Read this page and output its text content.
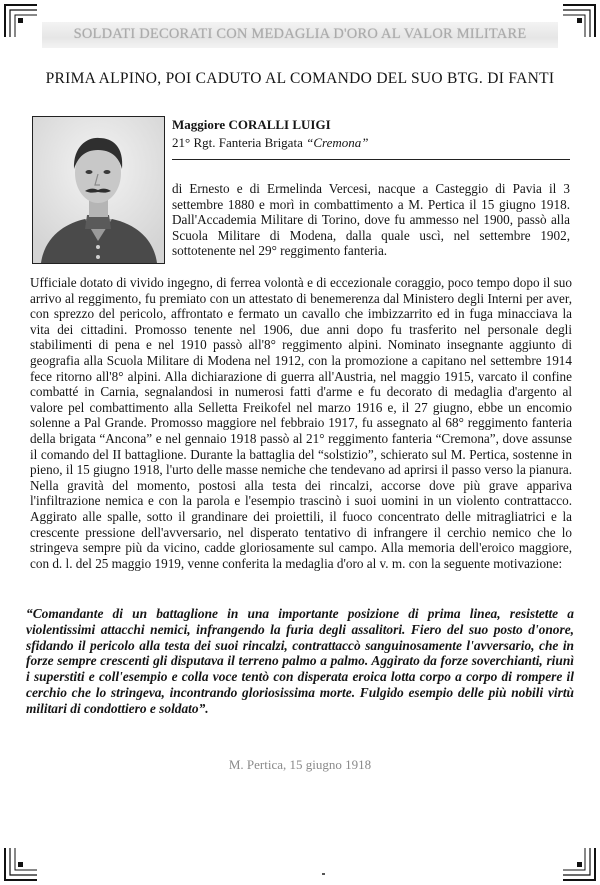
SOLDATI DECORATI CON MEDAGLIA D'ORO AL VALOR MILITARE
PRIMA ALPINO, POI CADUTO AL COMANDO DEL SUO BTG. DI FANTI
Maggiore CORALLI LUIGI
21° Rgt. Fanteria Brigata “Cremona”
di Ernesto e di Ermelinda Vercesi, nacque a Casteggio di Pavia il 3 settembre 1880 e morì in combattimento a M. Pertica il 15 giugno 1918. Dall'Accademia Militare di Torino, dove fu ammesso nel 1900, passò alla Scuola Militare di Modena, dalla quale uscì, nel settembre 1902, sottotenente nel 29° reggimento fanteria.
Ufficiale dotato di vivido ingegno, di ferrea volontà e di eccezionale coraggio, poco tempo dopo il suo arrivo al reggimento, fu premiato con un attestato di benemerenza dal Ministero degli Interni per aver, con sprezzo del pericolo, affrontato e fermato un cavallo che imbizzarrito ed in fuga minacciava la vita dei cittadini. Promosso tenente nel 1906, due anni dopo fu trasferito nel personale degli stabilimenti di pena e nel 1910 passò all'8° reggimento alpini. Nominato insegnante aggiunto di geografia alla Scuola Militare di Modena nel 1912, con la promozione a capitano nel settembre 1914 fece ritorno all'8° alpini. Alla dichiarazione di guerra all'Austria, nel maggio 1915, varcato il confine combatté in Carnia, segnalandosi in numerosi fatti d'arme e fu decorato di medaglia d'argento al valore pel combattimento alla Selletta Freikofel nel marzo 1916 e, il 27 giugno, ebbe un encomio solenne a Pal Grande. Promosso maggiore nel febbraio 1917, fu assegnato al 68° reggimento fanteria della brigata “Ancona” e nel gennaio 1918 passò al 21° reggimento fanteria “Cremona”, dove assunse il comando del II battaglione. Durante la battaglia del “solstizio”, schierato sul M. Pertica, sostenne in pieno, il 15 giugno 1918, l'urto delle masse nemiche che tendevano ad aprirsi il passo verso la pianura. Nella gravità del momento, postosi alla testa dei rincalzi, accorse dove più grave appariva l'infiltrazione nemica e con la parola e l'esempio trascinò i suoi uomini in un violento contrattacco. Aggirato alle spalle, sotto il grandinare dei proiettili, il fuoco concentrato delle mitragliatrici e la crescente pressione dell'avversario, nel disperato tentativo di infrangere il cerchio nemico che lo stringeva sempre più da vicino, cadde gloriosamente sul campo. Alla memoria dell'eroico maggiore, con d. l. del 25 maggio 1919, venne conferita la medaglia d'oro al v. m. con la seguente motivazione:
“Comandante di un battaglione in una importante posizione di prima linea, resistette a violentissimi attacchi nemici, infrangendo la furia degli assalitori. Fiero del suo posto d'onore, sfidando il pericolo alla testa dei suoi rincalzi, contrattaccò sanguinosamente l'avversario, che in forze sempre crescenti gli disputava il terreno palmo a palmo. Aggirato da forze soverchianti, riunì i superstiti e coll'esempio e colla voce tentò con disperata eroica lotta corpo a corpo di rompere il cerchio che lo stringeva, incontrando gloriosissima morte. Fulgido esempio delle più nobili virtù militari di condottiero e soldato”.
M. Pertica, 15 giugno 1918
